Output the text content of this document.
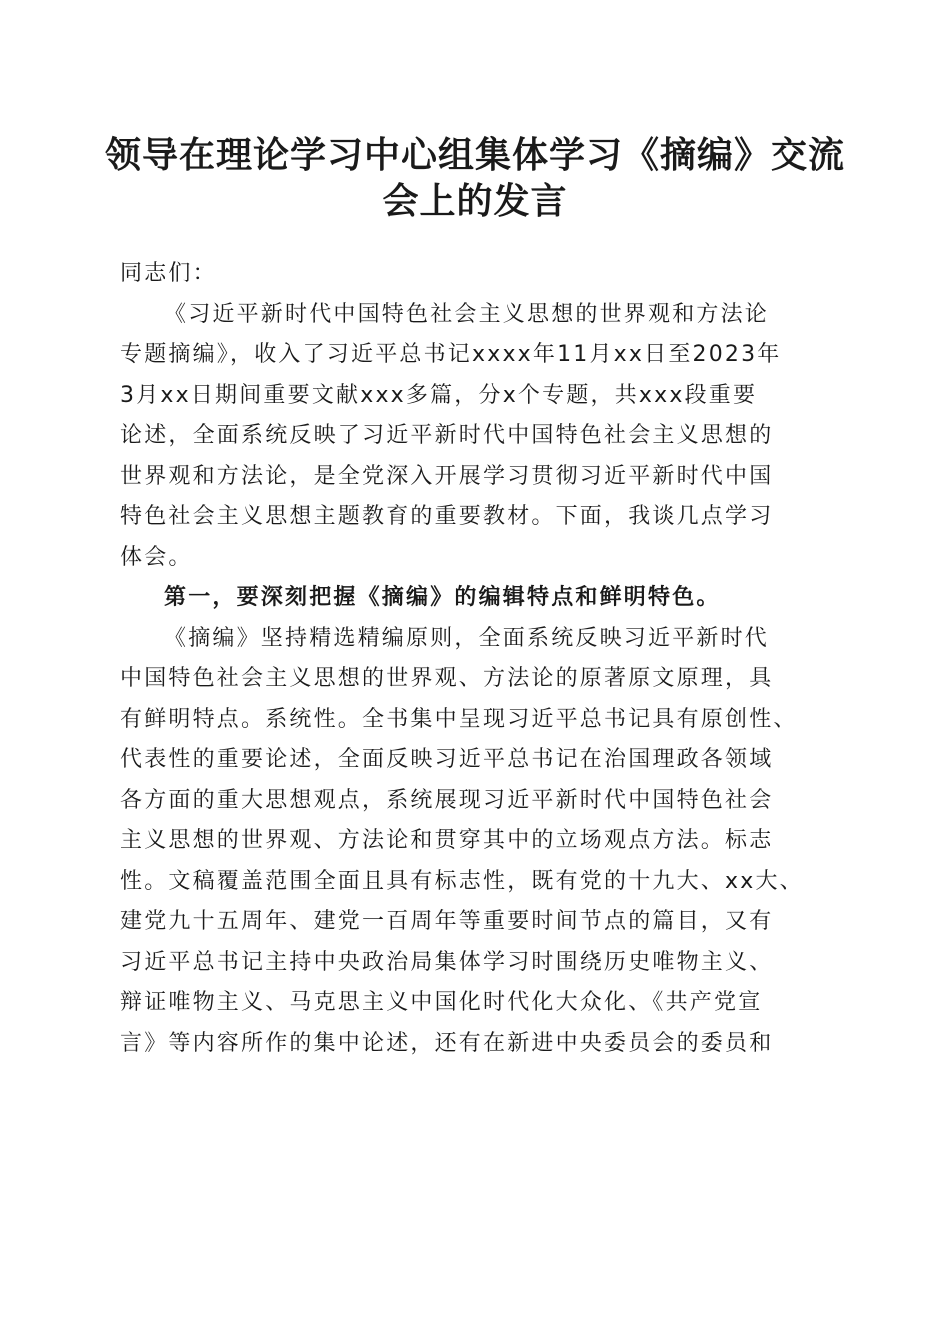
领导在理论学习中心组集体学习《摘编》交流
会上的发言

同志们：

《习近平新时代中国特色社会主义思想的世界观和方法论
专题摘编》，收入了习近平总书记xxxx年11月xx日至2023年
3月xx日期间重要文献xxx多篇，分x个专题，共xxx段重要
论述，全面系统反映了习近平新时代中国特色社会主义思想的
世界观和方法论，是全党深入开展学习贯彻习近平新时代中国
特色社会主义思想主题教育的重要教材。下面，我谈几点学习
体会。

第一，要深刻把握《摘编》的编辑特点和鲜明特色。

《摘编》坚持精选精编原则，全面系统反映习近平新时代
中国特色社会主义思想的世界观、方法论的原著原文原理，具
有鲜明特点。系统性。全书集中呈现习近平总书记具有原创性、
代表性的重要论述，全面反映习近平总书记在治国理政各领域
各方面的重大思想观点，系统展现习近平新时代中国特色社会
主义思想的世界观、方法论和贯穿其中的立场观点方法。标志
性。文稿覆盖范围全面且具有标志性，既有党的十九大、xx大、
建党九十五周年、建党一百周年等重要时间节点的篇目，又有
习近平总书记主持中央政治局集体学习时围绕历史唯物主义、
辩证唯物主义、马克思主义中国化时代化大众化、《共产党宣
言》等内容所作的集中论述，还有在新进中央委员会的委员和
